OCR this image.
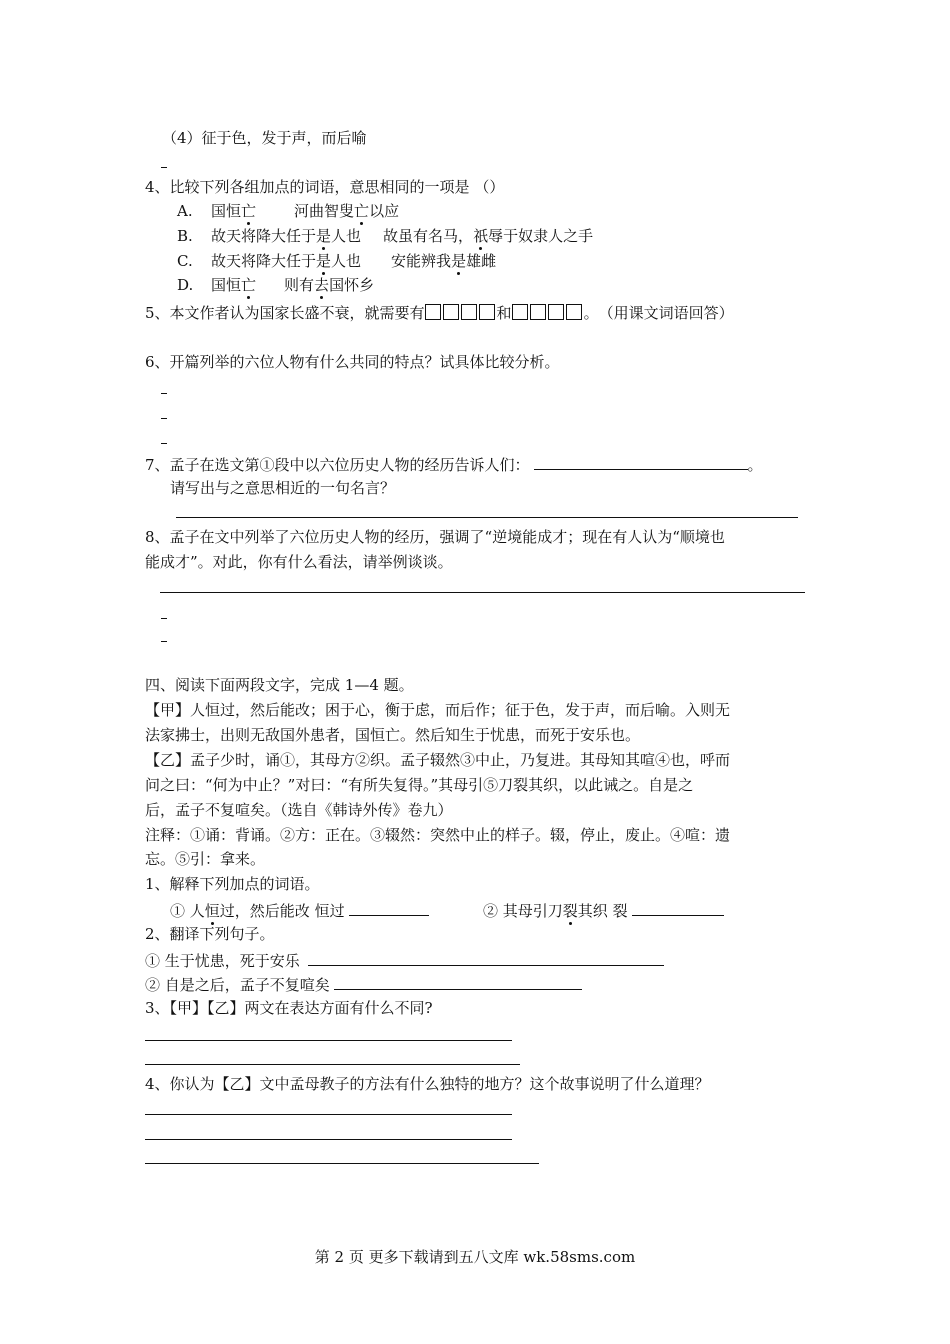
（4）征于色，发于声，而后喻
4、比较下列各组加点的词语，意思相同的一项是 （）
A. 国恒亡	河曲智叟亡以应
B. 故天将降大任于是人也 故虽有名马，祇辱于奴隶人之手
C. 故天将降大任于是人也 安能辨我是雄雌
D. 国恒亡 则有去国怀乡
5、本文作者认为国家长盛不衰，就需要有	和	。　（用课文词语回答）
6、开篇列举的六位人物有什么共同的特点？试具体比较分析。
7、孟子在选文第①段中以六位历史人物的经历告诉人们：	。
请写出与之意思相近的一句名言？
8、孟子在文中列举了六位历史人物的经历，强调了“逆境能成才；现在有人认为“顺境也
能成才”。对此，你有什么看法，请举例谈谈。
四、阅读下面两段文字，完成 1—4 题。
【甲】人恒过，然后能改；困于心，衡于虑，而后作；征于色，发于声，而后喻。入则无
法家拂士，出则无敌国外患者，国恒亡。然后知生于忧患，而死于安乐也。
【乙】孟子少时，诵①，其母方②织。孟子辍然③中止，乃复进。其母知其喧④也，呼而
问之曰：“何为中止？”对曰：“有所失复得。”其母引⑤刀裂其织，以此诫之。自是之
后，孟子不复喧矣。（选自《韩诗外传》卷九）
注释：①诵：背诵。②方：正在。③辍然：突然中止的样子。辍，停止，废止。④喧：遗
忘。⑤引：拿来。
1、解释下列加点的词语。
① 人恒过，然后能改 恒过	② 其母引刀裂其织 裂
2、翻译下列句子。
① 生于忧患，死于安乐
② 自是之后，孟子不复喧矣
3、【甲】【乙】两文在表达方面有什么不同?
4、你认为【乙】文中孟母教子的方法有什么独特的地方？这个故事说明了什么道理？
第 2 页 更多下载请到五八文库 wk.58sms.com
